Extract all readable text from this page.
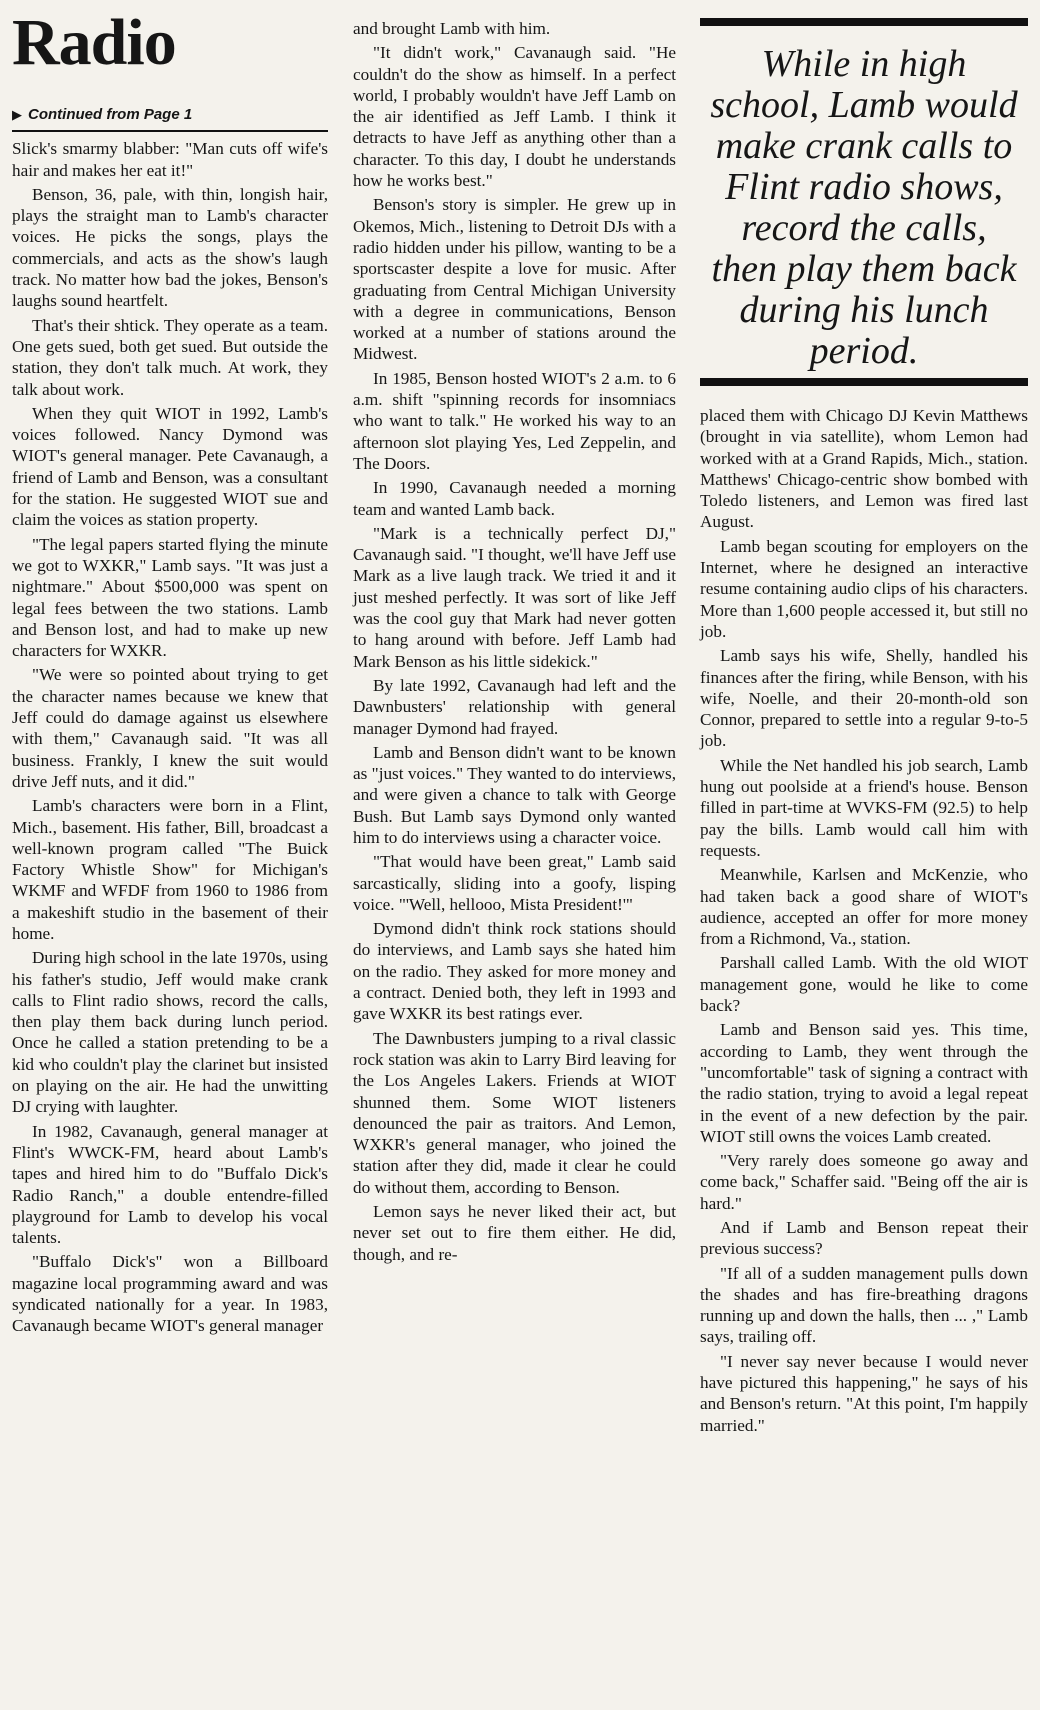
Radio
▶ Continued from Page 1

Slick's smarmy blabber: "Man cuts off wife's hair and makes her eat it!"

Benson, 36, pale, with thin, longish hair, plays the straight man to Lamb's character voices. He picks the songs, plays the commercials, and acts as the show's laugh track. No matter how bad the jokes, Benson's laughs sound heartfelt.

That's their shtick. They operate as a team. One gets sued, both get sued. But outside the station, they don't talk much. At work, they talk about work.

When they quit WIOT in 1992, Lamb's voices followed. Nancy Dymond was WIOT's general manager. Pete Cavanaugh, a friend of Lamb and Benson, was a consultant for the station. He suggested WIOT sue and claim the voices as station property.

"The legal papers started flying the minute we got to WXKR," Lamb says. "It was just a nightmare." About $500,000 was spent on legal fees between the two stations. Lamb and Benson lost, and had to make up new characters for WXKR.

"We were so pointed about trying to get the character names because we knew that Jeff could do damage against us elsewhere with them," Cavanaugh said. "It was all business. Frankly, I knew the suit would drive Jeff nuts, and it did."

Lamb's characters were born in a Flint, Mich., basement. His father, Bill, broadcast a well-known program called "The Buick Factory Whistle Show" for Michigan's WKMF and WFDF from 1960 to 1986 from a makeshift studio in the basement of their home.

During high school in the late 1970s, using his father's studio, Jeff would make crank calls to Flint radio shows, record the calls, then play them back during lunch period. Once he called a station pretending to be a kid who couldn't play the clarinet but insisted on playing on the air. He had the unwitting DJ crying with laughter.

In 1982, Cavanaugh, general manager at Flint's WWCK-FM, heard about Lamb's tapes and hired him to do "Buffalo Dick's Radio Ranch," a double entendre-filled playground for Lamb to develop his vocal talents.

"Buffalo Dick's" won a Billboard magazine local programming award and was syndicated nationally for a year. In 1983, Cavanaugh became WIOT's general manager

and brought Lamb with him.

"It didn't work," Cavanaugh said. "He couldn't do the show as himself. In a perfect world, I probably wouldn't have Jeff Lamb on the air identified as Jeff Lamb. I think it detracts to have Jeff as anything other than a character. To this day, I doubt he understands how he works best."

Benson's story is simpler. He grew up in Okemos, Mich., listening to Detroit DJs with a radio hidden under his pillow, wanting to be a sportscaster despite a love for music. After graduating from Central Michigan University with a degree in communications, Benson worked at a number of stations around the Midwest.

In 1985, Benson hosted WIOT's 2 a.m. to 6 a.m. shift "spinning records for insomniacs who want to talk." He worked his way to an afternoon slot playing Yes, Led Zeppelin, and The Doors.

In 1990, Cavanaugh needed a morning team and wanted Lamb back.

"Mark is a technically perfect DJ," Cavanaugh said. "I thought, we'll have Jeff use Mark as a live laugh track. We tried it and it just meshed perfectly. It was sort of like Jeff was the cool guy that Mark had never gotten to hang around with before. Jeff Lamb had Mark Benson as his little sidekick."

By late 1992, Cavanaugh had left and the Dawnbusters' relationship with general manager Dymond had frayed.

Lamb and Benson didn't want to be known as "just voices." They wanted to do interviews, and were given a chance to talk with George Bush. But Lamb says Dymond only wanted him to do interviews using a character voice.

"That would have been great," Lamb said sarcastically, sliding into a goofy, lisping voice. "'Well, hellooo, Mista President!'"

Dymond didn't think rock stations should do interviews, and Lamb says she hated him on the radio. They asked for more money and a contract. Denied both, they left in 1993 and gave WXKR its best ratings ever.

The Dawnbusters jumping to a rival classic rock station was akin to Larry Bird leaving for the Los Angeles Lakers. Friends at WIOT shunned them. Some WIOT listeners denounced the pair as traitors. And Lemon, WXKR's general manager, who joined the station after they did, made it clear he could do without them, according to Benson.

Lemon says he never liked their act, but never set out to fire them either. He did, though, and re-

While in high school, Lamb would make crank calls to Flint radio shows, record the calls, then play them back during his lunch period.

placed them with Chicago DJ Kevin Matthews (brought in via satellite), whom Lemon had worked with at a Grand Rapids, Mich., station. Matthews' Chicago-centric show bombed with Toledo listeners, and Lemon was fired last August.

Lamb began scouting for employers on the Internet, where he designed an interactive resume containing audio clips of his characters. More than 1,600 people accessed it, but still no job.

Lamb says his wife, Shelly, handled his finances after the firing, while Benson, with his wife, Noelle, and their 20-month-old son Connor, prepared to settle into a regular 9-to-5 job.

While the Net handled his job search, Lamb hung out poolside at a friend's house. Benson filled in part-time at WVKS-FM (92.5) to help pay the bills. Lamb would call him with requests.

Meanwhile, Karlsen and McKenzie, who had taken back a good share of WIOT's audience, accepted an offer for more money from a Richmond, Va., station.

Parshall called Lamb. With the old WIOT management gone, would he like to come back?

Lamb and Benson said yes. This time, according to Lamb, they went through the "uncomfortable" task of signing a contract with the radio station, trying to avoid a legal repeat in the event of a new defection by the pair. WIOT still owns the voices Lamb created.

"Very rarely does someone go away and come back," Schaffer said. "Being off the air is hard."

And if Lamb and Benson repeat their previous success?

"If all of a sudden management pulls down the shades and has fire-breathing dragons running up and down the halls, then ... ," Lamb says, trailing off.

"I never say never because I would never have pictured this happening," he says of his and Benson's return. "At this point, I'm happily married."
